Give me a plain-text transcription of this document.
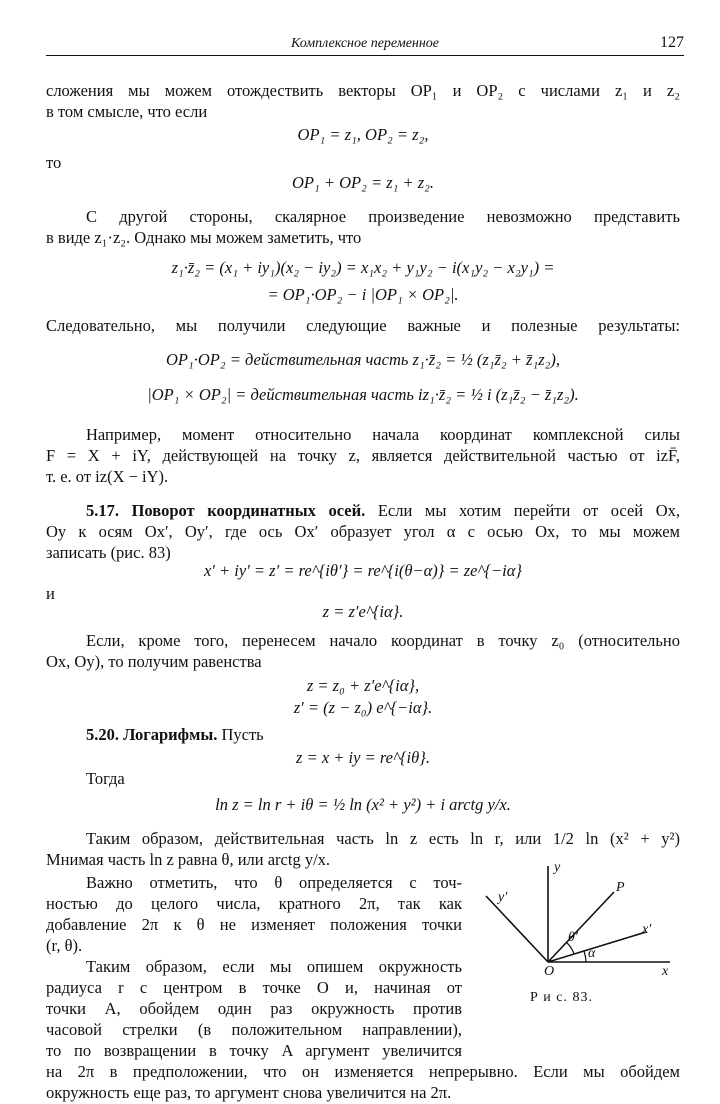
Комплексное переменное	127
сложения мы можем отождествить векторы OP₁ и OP₂ с числами z₁ и z₂
в том смысле, что если
OP₁ = z₁, OP₂ = z₂,
то
OP₁ + OP₂ = z₁ + z₂.
С другой стороны, скалярное произведение невозможно представить
в виде z₁·z₂. Однако мы можем заметить, что
z₁·z̄₂ = (x₁ + iy₁)(x₂ − iy₂) = x₁x₂ + y₁y₂ − i(x₁y₂ − x₂y₁) =
= OP₁·OP₂ − i |OP₁ × OP₂|.
Следовательно, мы получили следующие важные и полезные результаты:
OP₁·OP₂ = действительная часть z₁·z̄₂ = ½ (z₁z̄₂ + z̄₁z₂),
|OP₁ × OP₂| = действительная часть iz₁·z̄₂ = ½ i (z₁z̄₂ − z̄₁z₂).
Например, момент относительно начала координат комплексной силы
F = X + iY, действующей на точку z, является действительной частью от izF̄,
т. е. от iz(X − iY).
5.17. Поворот координатных осей. Если мы хотим перейти от осей Ox,
Oy к осям Ox′, Oy′, где ось Ox′ образует угол α с осью Ox, то мы можем
записать (рис. 83)
x′ + iy′ = z′ = re^{iθ′} = re^{i(θ−α)} = ze^{−iα}
и
z = z′e^{iα}.
Если, кроме того, перенесем начало координат в точку z₀ (относительно
Ox, Oy), то получим равенства
z = z₀ + z′e^{iα},
z′ = (z − z₀) e^{−iα}.
5.20. Логарифмы. Пусть
z = x + iy = re^{iθ}.
Тогда
ln z = ln r + iθ = ½ ln (x² + y²) + i arctg y/x.
Таким образом, действительная часть ln z есть ln r, или 1/2 ln (x² + y²)
Мнимая часть ln z равна θ, или arctg y/x.
Важно отметить, что θ определяется с точ-
ностью до целого числа, кратного 2π, так как
добавление 2π к θ не изменяет положения точки
(r, θ).
Таким образом, если мы опишем окружность
радиуса r с центром в точке O и, начиная от
точки A, обойдем один раз окружность против
часовой стрелки (в положительном направлении),
то по возвращении в точку A аргумент увеличится
на 2π в предположении, что он изменяется непрерывно. Если мы обойдем
окружность еще раз, то аргумент снова увеличится на 2π.
y
y′
P
x′
x
O
α
θ′
Р и с. 83.
